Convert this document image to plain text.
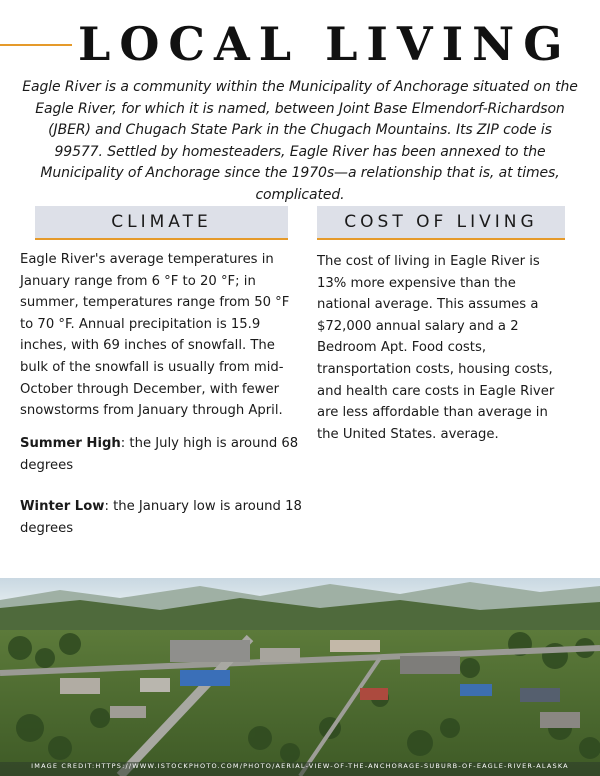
LOCAL LIVING
Eagle River is a community within the Municipality of Anchorage situated on the Eagle River, for which it is named, between Joint Base Elmendorf-Richardson (JBER) and Chugach State Park in the Chugach Mountains. Its ZIP code is 99577. Settled by homesteaders, Eagle River has been annexed to the Municipality of Anchorage since the 1970s—a relationship that is, at times, complicated.
CLIMATE	COST OF LIVING
Eagle River's average temperatures in January range from 6 °F to 20 °F; in summer, temperatures range from 50 °F to 70 °F. Annual precipitation is 15.9 inches, with 69 inches of snowfall. The bulk of the snowfall is usually from mid-October through December, with fewer snowstorms from January through April.
Summer High: the July high is around 68 degrees
Winter Low: the January low is around 18 degrees
The cost of living in Eagle River is 13% more expensive than the national average. This assumes a $72,000 annual salary and a 2 Bedroom Apt. Food costs, transportation costs, housing costs, and health care costs in Eagle River are less affordable than average in the United States. average.
IMAGE CREDIT:HTTPS://WWW.ISTOCKPHOTO.COM/PHOTO/AERIAL-VIEW-OF-THE-ANCHORAGE-SUBURB-OF-EAGLE-RIVER-ALASKA
